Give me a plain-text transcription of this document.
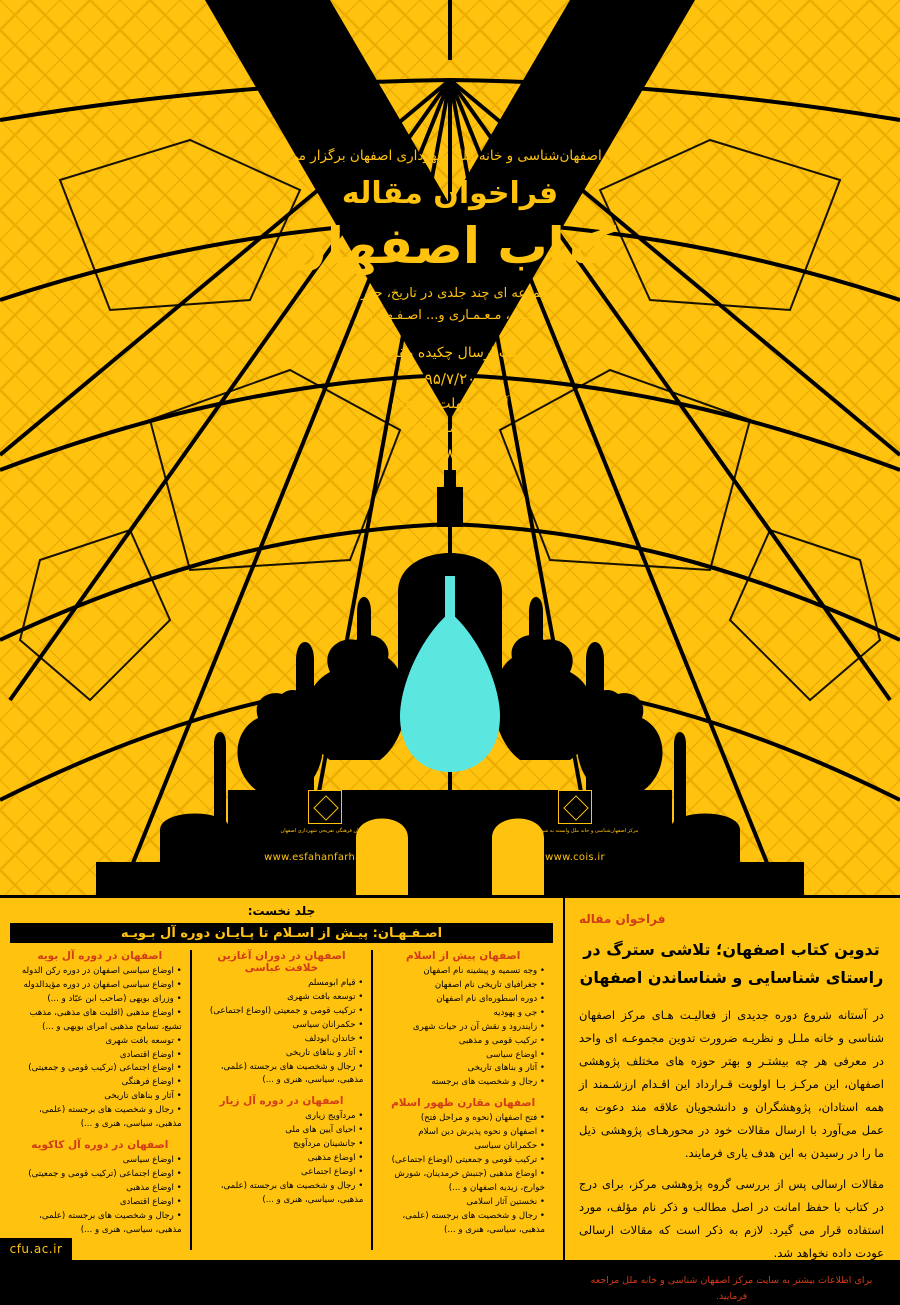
مرکز اصفهان‌شناسی و خانه ملل شهرداری اصفهان برگزار می‌کند:
فراخوان مقاله
کتاب اصفهان
(مجموعه ای چند جلدی در تاریخ، جغرافیا،
هـنـر، مـعـمـاری و... اصـفـهـان)
مهلت ارسال چکیده مقالات:
۹۵/۷/۲۰
آخرین مهلت دریافت
اصل مقالات:
۹۵/۸/۳۰
مرکز اصفهان‌شناسی و خانه ملل وابسته به شهرداری اصفهان
www.cois.ir
سازمان فرهنگی تفریحی شهرداری اصفهان
www.esfahanfarhang.ir
فراخوان مقاله
تدوین کتاب اصفهان؛ تلاشی سترگ در راستای شناسایی و شناساندن اصفهان

در آستانه شروع دوره جدیدی از فعالیـت هـای مرکز اصفهان شناسی و خانه ملـل و نظریـه ضرورت تدوین مجموعـه ای واحد در معرفی هر چه بیشتـر و بهتر حوزه های مختلف پژوهشی اصفهان، این مرکـز بـا اولویت قـرارداد این اقـدام ارزشـمند از همه استادان، پژوهشگران و دانشجویان علاقه مند دعوت به عمل می‌آورد با ارسال مقالات خود در محورهـای پژوهشی ذیل ما را در رسیدن به این هدف یاری فرمایند.

مقالات ارسالی پس از بررسی گروه پژوهشی مرکز، برای درج در کتاب با حفظ امانت در اصل مطالب و ذکر نام مؤلف، مورد استفاده قرار می گیرد. لازم به ذکر است که مقالات ارسالی عودت داده نخواهد شد.

برای اطلاعات بیشتر به سایت مرکز اصفهان شناسی و خانه ملل مراجعه فرمایید.
جلد نخست:
اصـفـهـان: پیـش از اسـلام تا پـایـان دوره آل بـویـه
اصفهان پیش از اسلام
• وجه تسمیه و پیشینه نام اصفهان
• جغرافیای تاریخی نام اصفهان
• دوره اسطوره‌ای نام اصفهان
• جی و یهودیه
• زایندرود و نقش آن در حیات شهری
• ترکیب قومی و مذهبی
• اوضاع سیاسی
• آثار و بناهای تاریخی
• رجال و شخصیت های برجسته
اصفهان مقارن ظهور اسلام
• فتح اصفهان (نحوه و مراحل فتح)
• اصفهان و نحوه پذیرش دین اسلام
• حکمرانان سیاسی
• ترکیب قومی و جمعیتی (اوضاع اجتماعی)
• اوضاع مذهبی (جنبش خرمدینان، شورش خوارج، زیدیه اصفهان و ...)
• نخستین آثار اسلامی
• رجال و شخصیت های برجسته (علمی، مذهبی، سیاسی، هنری و ...)
اصفهان در دوران آغازین خلافت عباسی
• قیام ابومسلم
• توسعه بافت شهری
• ترکیب قومی و جمعیتی (اوضاع اجتماعی)
• حکمرانان سیاسی
• خاندان ابودلف
• آثار و بناهای تاریخی
• رجال و شخصیت های برجسته (علمی، مذهبی، سیاسی، هنری و ...)
اصفهان در دوره آل زیار
• مردآویج زیاری
• احیای آیین های ملی
• جانشینان مردآویج
• اوضاع مذهبی
• اوضاع اجتماعی
• رجال و شخصیت های برجسته (علمی، مذهبی، سیاسی، هنری و ...)
اصفهان در دوره آل بویه
• اوضاع سیاسی اصفهان در دوره رکن الدوله
• اوضاع سیاسی اصفهان در دوره مؤیدالدوله
• وزرای بویهی (صاحب ابن عبّاد و ...)
• اوضاع مذهبی (اقلیت های مذهبی، مذهب تشیع، تسامح مذهبی امرای بویهی و ...)
• توسعه بافت شهری
• اوضاع اقتصادی
• اوضاع اجتماعی (ترکیب قومی و جمعیتی)
• اوضاع فرهنگی
• آثار و بناهای تاریخی
• رجال و شخصیت های برجسته (علمی، مذهبی، سیاسی، هنری و ...)
اصفهان در دوره آل کاکویه
• اوضاع سیاسی
• اوضاع اجتماعی (ترکیب قومی و جمعیتی)
• اوضاع مذهبی
• اوضاع اقتصادی
• رجال و شخصیت های برجسته (علمی، مذهبی، سیاسی، هنری و ...)
cfu.ac.ir
